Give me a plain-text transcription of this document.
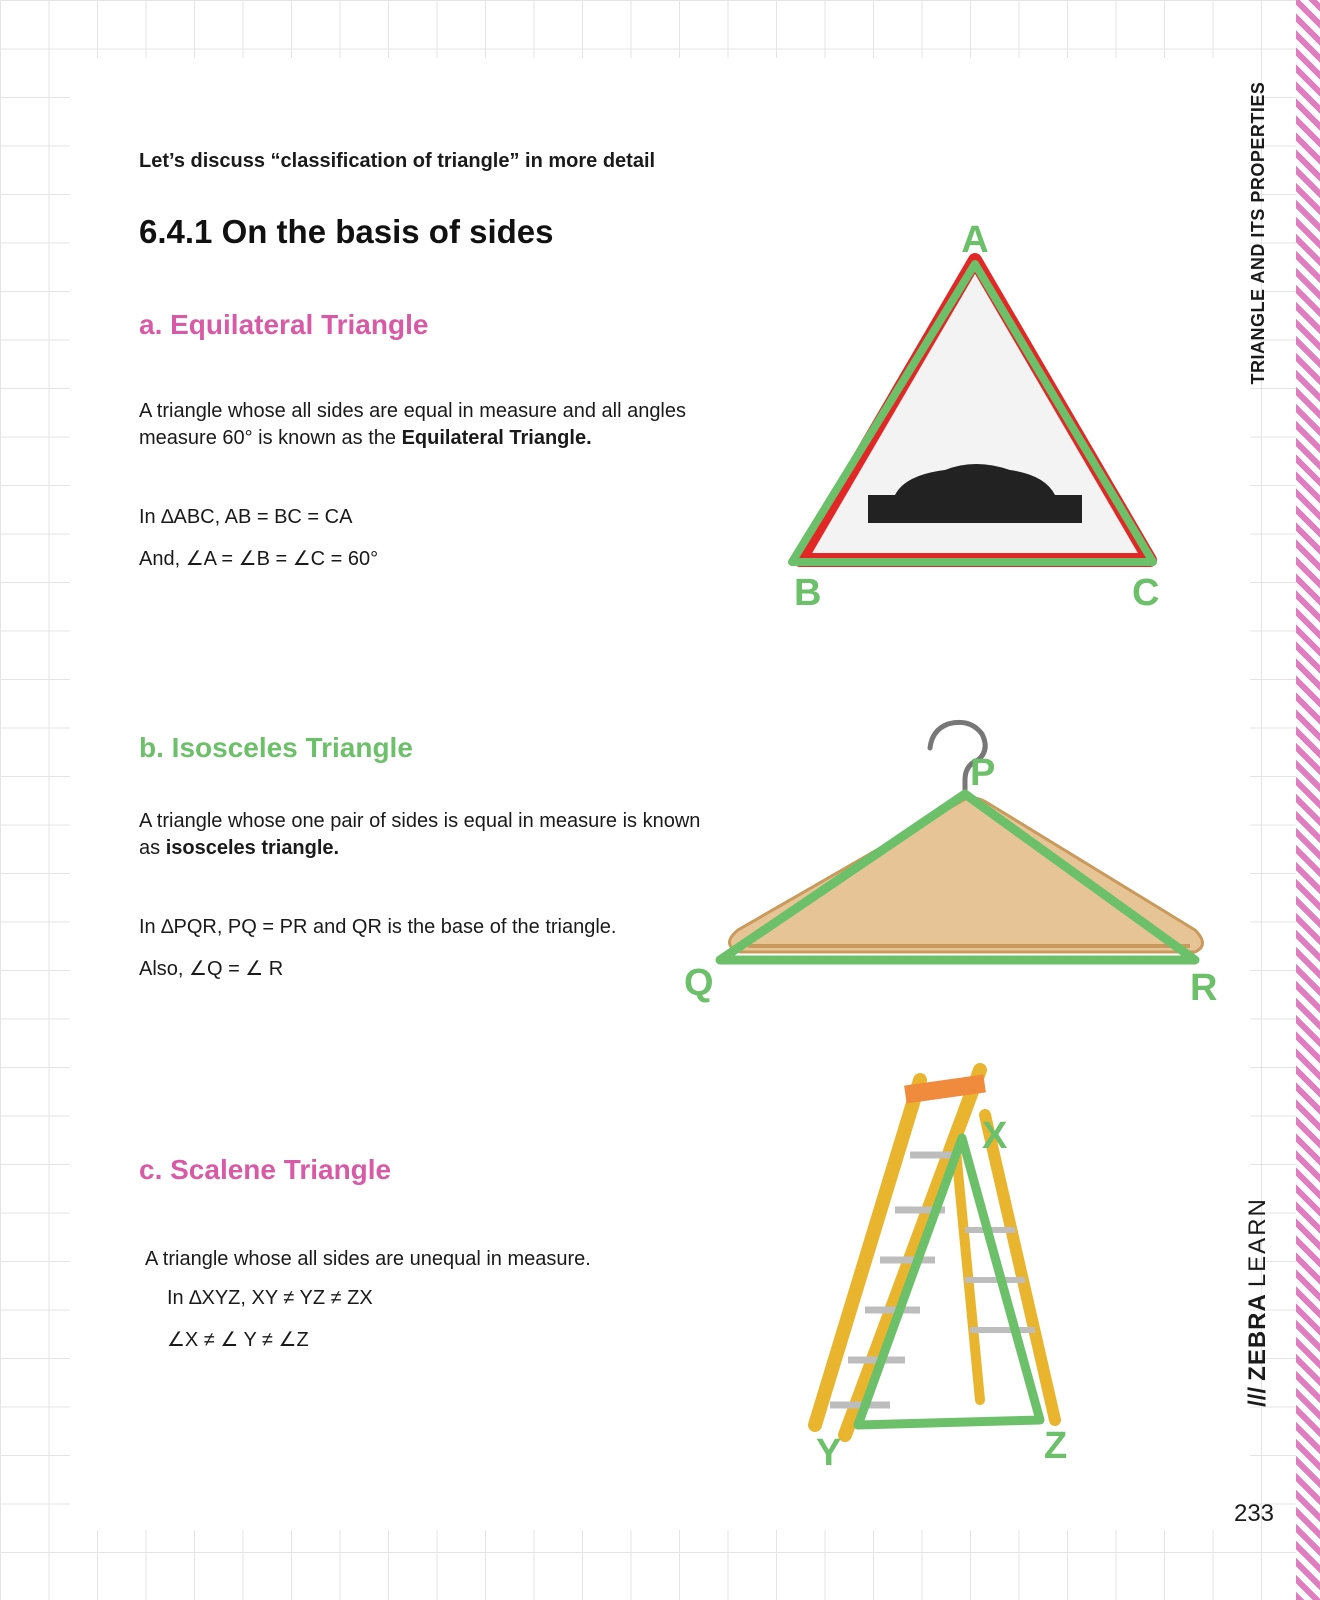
TRIANGLE AND ITS PROPERTIES
///
ZEBRA
LEARN
233

Let’s discuss “classification of triangle” in more detail

6.4.1 On the basis of sides

a. Equilateral Triangle

A triangle whose all sides are equal in measure and all angles measure 60° is known as the Equilateral Triangle.

In ∆ABC, AB = BC = CA

And, ∠A = ∠B = ∠C = 60°

A
B	C

b. Isosceles Triangle

A triangle whose one pair of sides is equal in measure is known as isosceles triangle.

In ∆PQR, PQ = PR and QR is the base of the triangle.

Also, ∠Q = ∠ R

P
Q	R

c. Scalene Triangle

A triangle whose all sides are unequal in measure.

In ∆XYZ, XY ≠ YZ ≠ ZX

∠X ≠ ∠ Y ≠ ∠Z

X
Y	Z
